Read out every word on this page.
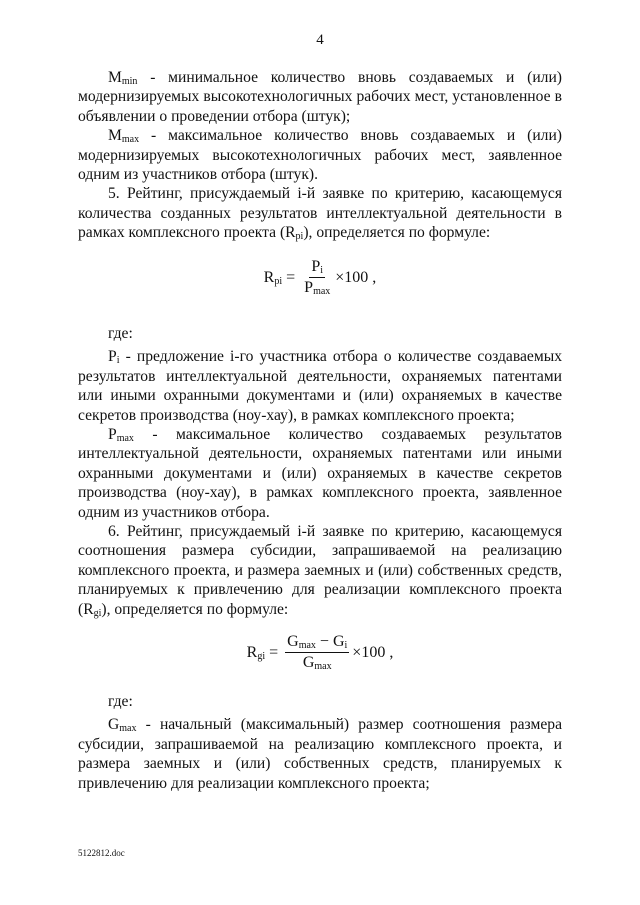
4

$M_{min}$ - минимальное количество вновь создаваемых и (или) модернизируемых высокотехнологичных рабочих мест, установленное в объявлении о проведении отбора (штук);

$M_{max}$ - максимальное количество вновь создаваемых и (или) модернизируемых высокотехнологичных рабочих мест, заявленное одним из участников отбора (штук).

5. Рейтинг, присуждаемый i-й заявке по критерию, касающемуся количества созданных результатов интеллектуальной деятельности в рамках комплексного проекта $(R_{pi})$, определяется по формуле:

$R_{pi} = \frac{P_i}{P_{max}} \times 100$ ,

где:

$P_i$ - предложение i-го участника отбора о количестве создаваемых результатов интеллектуальной деятельности, охраняемых патентами или иными охранными документами и (или) охраняемых в качестве секретов производства (ноу-хау), в рамках комплексного проекта;

$P_{max}$ - максимальное количество создаваемых результатов интеллектуальной деятельности, охраняемых патентами или иными охранными документами и (или) охраняемых в качестве секретов производства (ноу-хау), в рамках комплексного проекта, заявленное одним из участников отбора.

6. Рейтинг, присуждаемый i-й заявке по критерию, касающемуся соотношения размера субсидии, запрашиваемой на реализацию комплексного проекта, и размера заемных и (или) собственных средств, планируемых к привлечению для реализации комплексного проекта $(R_{gi})$, определяется по формуле:

$R_{gi} = \frac{G_{max} - G_i}{G_{max}} \times 100$ ,

где:

$G_{max}$ - начальный (максимальный) размер соотношения размера субсидии, запрашиваемой на реализацию комплексного проекта, и размера заемных и (или) собственных средств, планируемых к привлечению для реализации комплексного проекта;

5122812.doc
